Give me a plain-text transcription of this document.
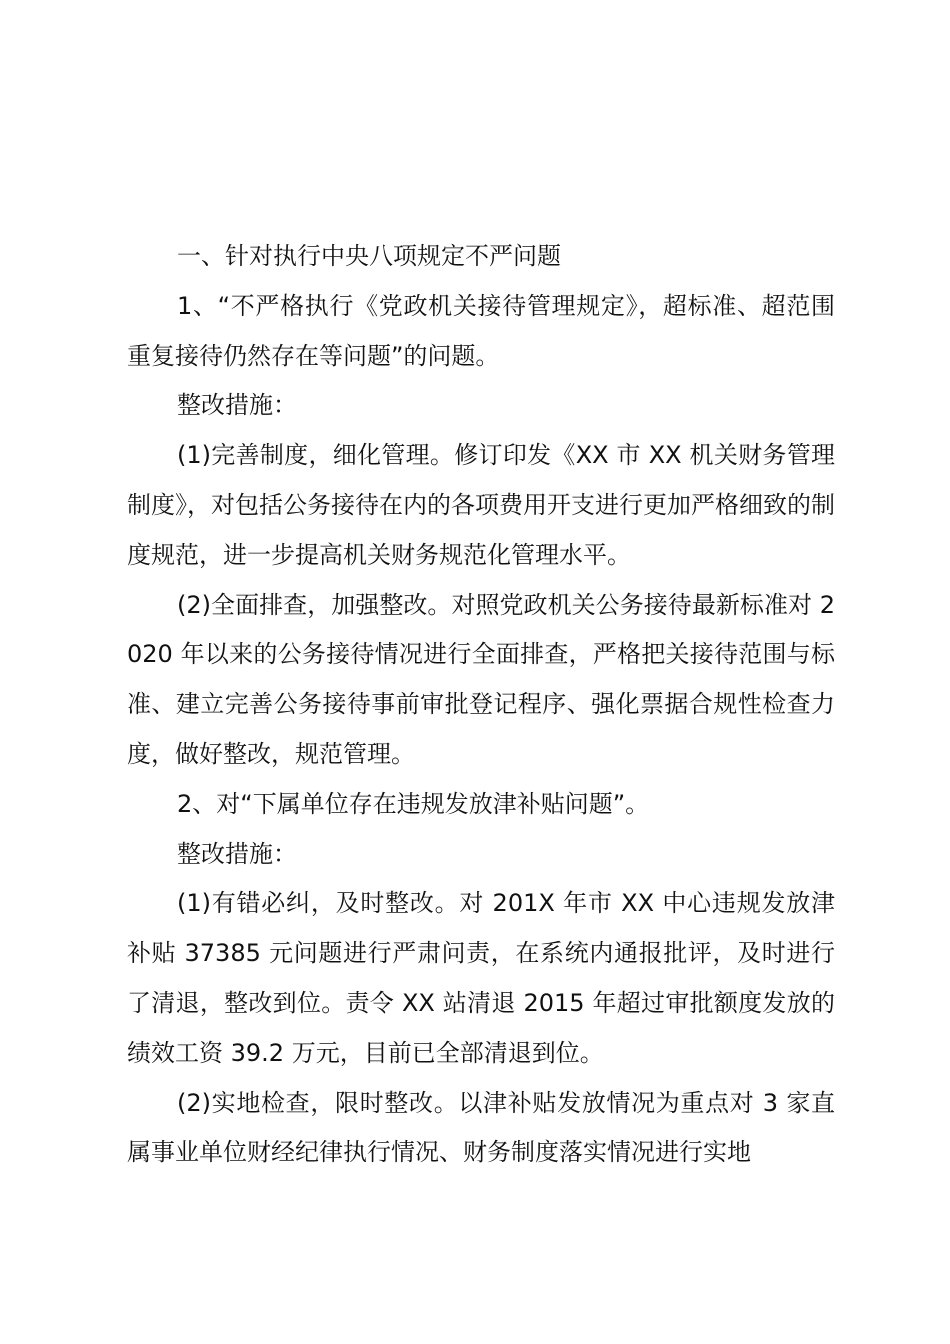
一、针对执行中央八项规定不严问题

1、“不严格执行《党政机关接待管理规定》，超标准、超范围重复接待仍然存在等问题”的问题。

整改措施：

(1)完善制度，细化管理。修订印发《XX 市 XX 机关财务管理制度》，对包括公务接待在内的各项费用开支进行更加严格细致的制度规范，进一步提高机关财务规范化管理水平。

(2)全面排查，加强整改。对照党政机关公务接待最新标准对 2020 年以来的公务接待情况进行全面排查，严格把关接待范围与标准、建立完善公务接待事前审批登记程序、强化票据合规性检查力度，做好整改，规范管理。

2、对“下属单位存在违规发放津补贴问题”。

整改措施：

(1)有错必纠，及时整改。对 201X 年市 XX 中心违规发放津补贴 37385 元问题进行严肃问责，在系统内通报批评，及时进行了清退，整改到位。责令 XX 站清退 2015 年超过审批额度发放的绩效工资 39.2 万元，目前已全部清退到位。

(2)实地检查，限时整改。以津补贴发放情况为重点对 3 家直属事业单位财经纪律执行情况、财务制度落实情况进行实地
